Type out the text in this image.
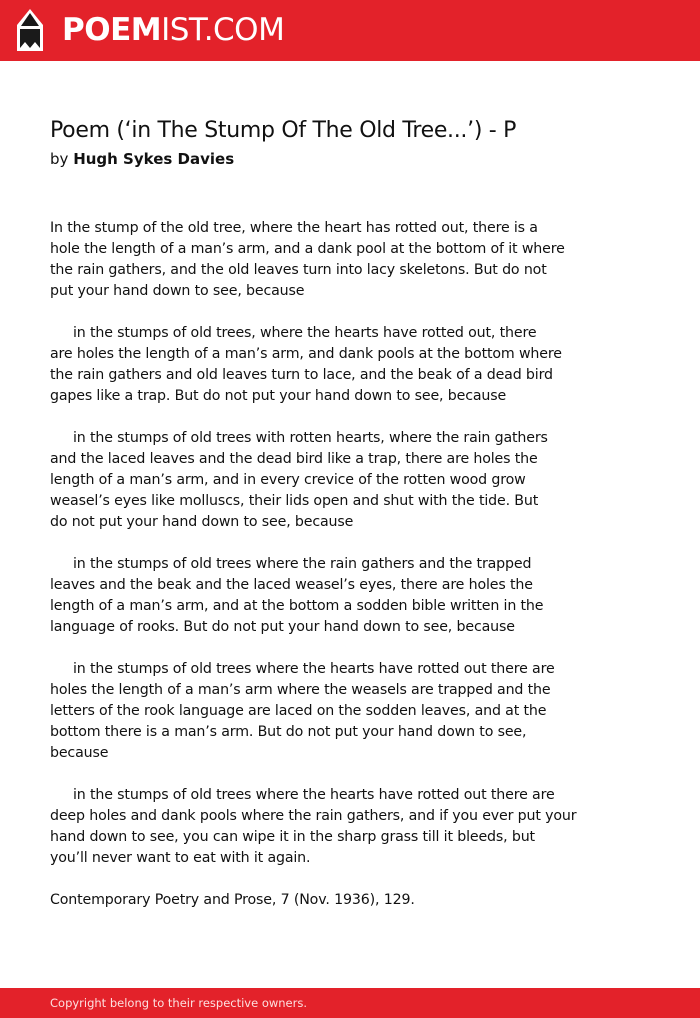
POEMIST.COM
Poem (‘in The Stump Of The Old Tree...’) - P
by Hugh Sykes Davies

In the stump of the old tree, where the heart has rotted out, there is a
hole the length of a man’s arm, and a dank pool at the bottom of it where
the rain gathers, and the old leaves turn into lacy skeletons. But do not
put your hand down to see, because

in the stumps of old trees, where the hearts have rotted out, there
are holes the length of a man’s arm, and dank pools at the bottom where
the rain gathers and old leaves turn to lace, and the beak of a dead bird
gapes like a trap. But do not put your hand down to see, because

in the stumps of old trees with rotten hearts, where the rain gathers
and the laced leaves and the dead bird like a trap, there are holes the
length of a man’s arm, and in every crevice of the rotten wood grow
weasel’s eyes like molluscs, their lids open and shut with the tide. But
do not put your hand down to see, because

in the stumps of old trees where the rain gathers and the trapped
leaves and the beak and the laced weasel’s eyes, there are holes the
length of a man’s arm, and at the bottom a sodden bible written in the
language of rooks. But do not put your hand down to see, because

in the stumps of old trees where the hearts have rotted out there are
holes the length of a man’s arm where the weasels are trapped and the
letters of the rook language are laced on the sodden leaves, and at the
bottom there is a man’s arm. But do not put your hand down to see,
because

in the stumps of old trees where the hearts have rotted out there are
deep holes and dank pools where the rain gathers, and if you ever put your
hand down to see, you can wipe it in the sharp grass till it bleeds, but
you’ll never want to eat with it again.

Contemporary Poetry and Prose, 7 (Nov. 1936), 129.

Copyright belong to their respective owners.
